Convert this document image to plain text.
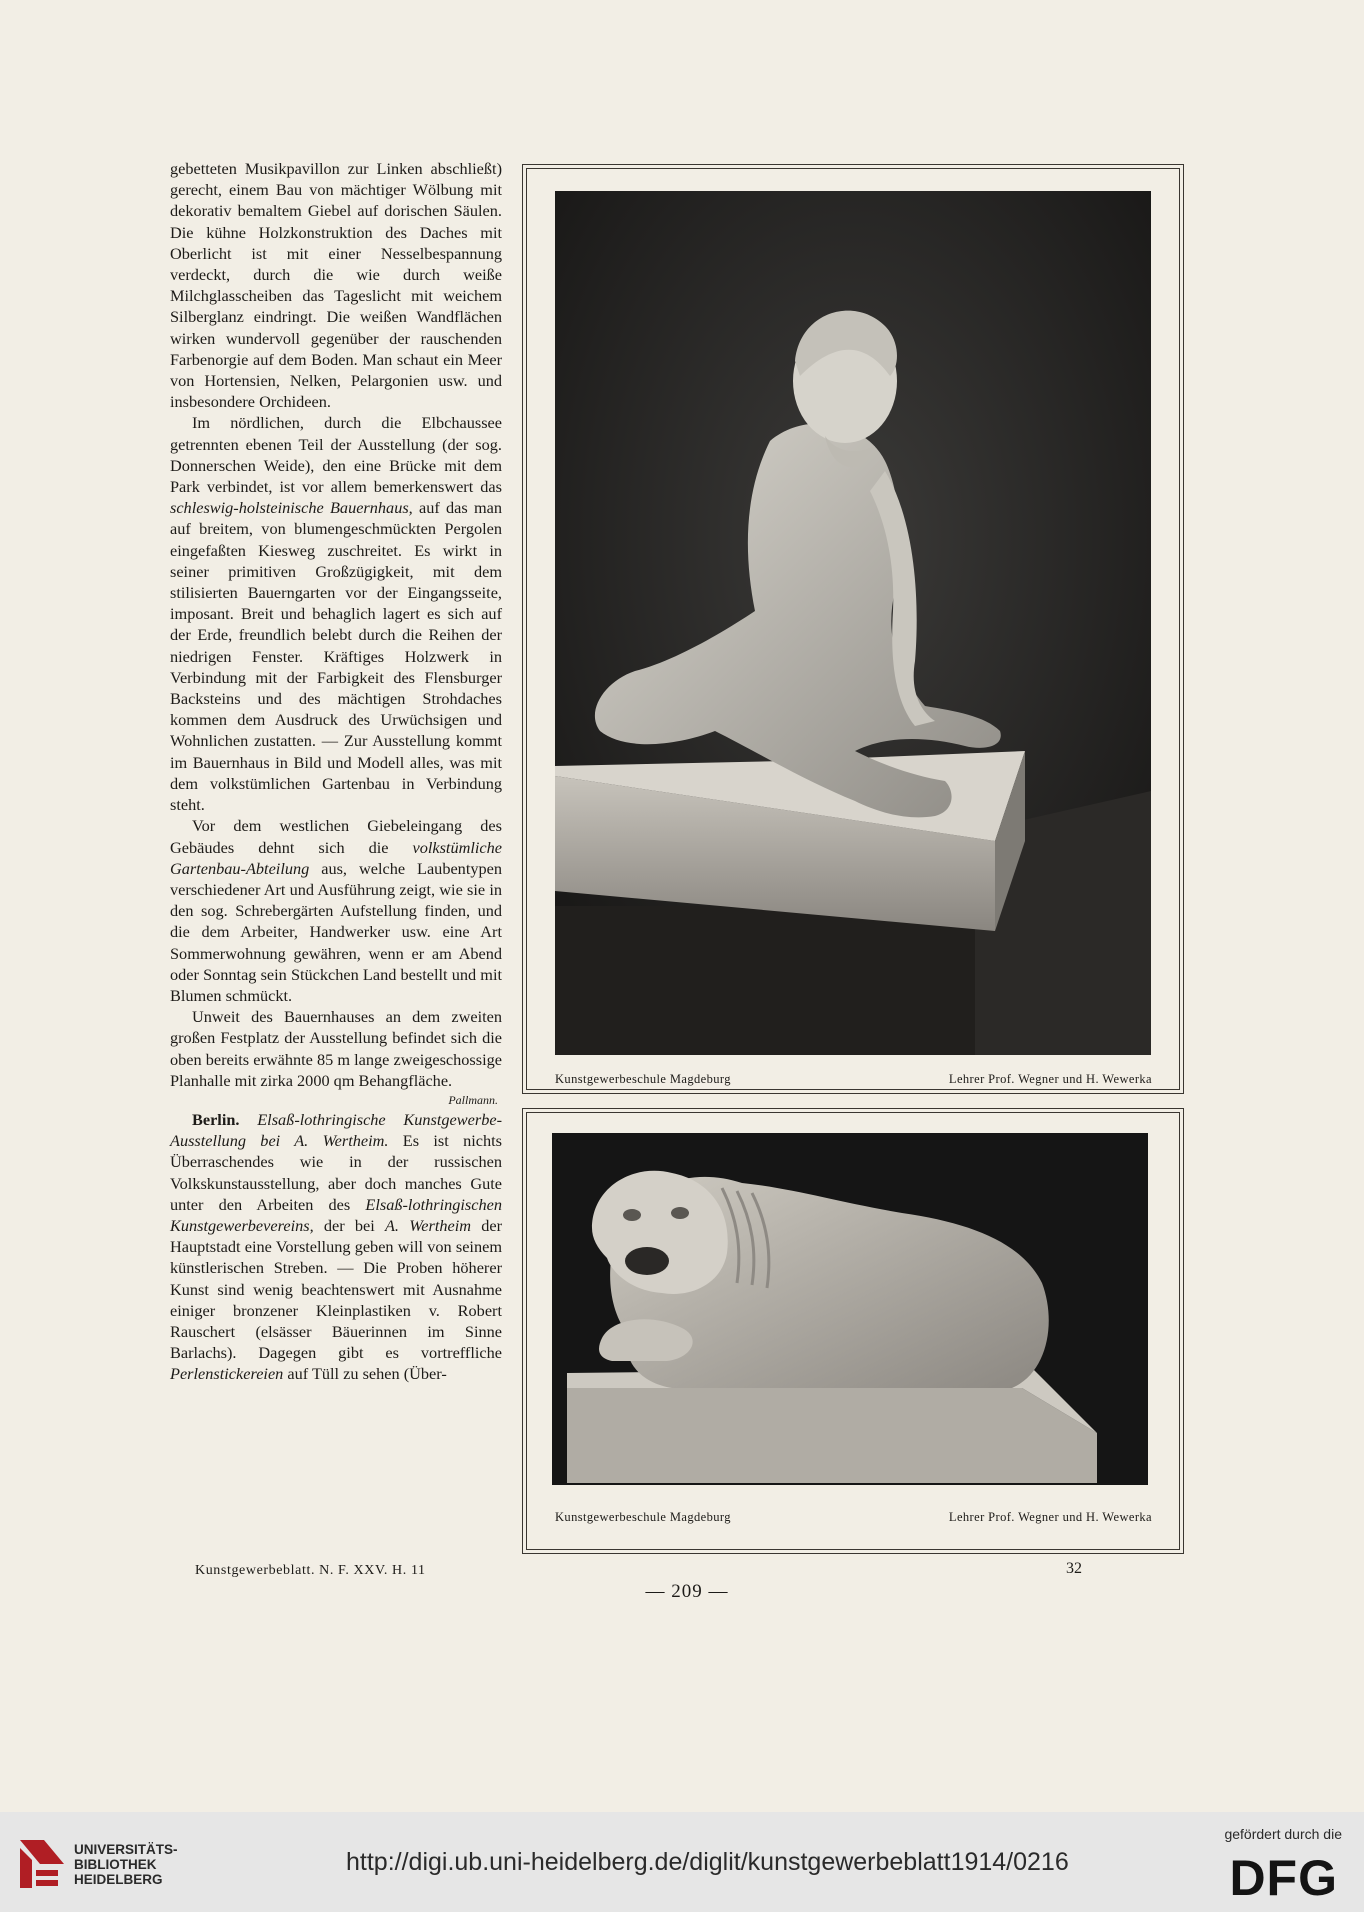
gebetteten Musikpavillon zur Linken abschließt) gerecht, einem Bau von mächtiger Wölbung mit dekorativ bemaltem Giebel auf dorischen Säulen. Die kühne Holzkonstruktion des Daches mit Oberlicht ist mit einer Nesselbespannung verdeckt, durch die wie durch weiße Milchglasscheiben das Tageslicht mit weichem Silberglanz eindringt. Die weißen Wandflächen wirken wundervoll gegenüber der rauschenden Farbenorgie auf dem Boden. Man schaut ein Meer von Hortensien, Nelken, Pelargonien usw. und insbesondere Orchideen.

Im nördlichen, durch die Elbchaussee getrennten ebenen Teil der Ausstellung (der sog. Donnerschen Weide), den eine Brücke mit dem Park verbindet, ist vor allem bemerkenswert das schleswig-holsteinische Bauernhaus, auf das man auf breitem, von blumengeschmückten Pergolen eingefaßten Kiesweg zuschreitet. Es wirkt in seiner primitiven Großzügigkeit, mit dem stilisierten Bauerngarten vor der Eingangsseite, imposant. Breit und behaglich lagert es sich auf der Erde, freundlich belebt durch die Reihen der niedrigen Fenster. Kräftiges Holzwerk in Verbindung mit der Farbigkeit des Flensburger Backsteins und des mächtigen Strohdaches kommen dem Ausdruck des Urwüchsigen und Wohnlichen zustatten. — Zur Ausstellung kommt im Bauernhaus in Bild und Modell alles, was mit dem volkstümlichen Gartenbau in Verbindung steht.

Vor dem westlichen Giebeleingang des Gebäudes dehnt sich die volkstümliche Gartenbau-Abteilung aus, welche Laubentypen verschiedener Art und Ausführung zeigt, wie sie in den sog. Schrebergärten Aufstellung finden, und die dem Arbeiter, Handwerker usw. eine Art Sommerwohnung gewähren, wenn er am Abend oder Sonntag sein Stückchen Land bestellt und mit Blumen schmückt.

Unweit des Bauernhauses an dem zweiten großen Festplatz der Ausstellung befindet sich die oben bereits erwähnte 85 m lange zweigeschossige Planhalle mit zirka 2000 qm Behangfläche.

Pallmann.

Berlin. Elsaß-lothringische Kunstgewerbe-Ausstellung bei A. Wertheim. Es ist nichts Überraschendes wie in der russischen Volkskunstausstellung, aber doch manches Gute unter den Arbeiten des Elsaß-lothringischen Kunstgewerbevereins, der bei A. Wertheim der Hauptstadt eine Vorstellung geben will von seinem künstlerischen Streben. — Die Proben höherer Kunst sind wenig beachtenswert mit Ausnahme einiger bronzener Kleinplastiken v. Robert Rauschert (elsässer Bäuerinnen im Sinne Barlachs). Dagegen gibt es vortreffliche Perlenstickereien auf Tüll zu sehen (Über-

Kunstgewerbeschule Magdeburg	Lehrer Prof. Wegner und H. Wewerka
Kunstgewerbeschule Magdeburg	Lehrer Prof. Wegner und H. Wewerka
Kunstgewerbeblatt. N. F. XXV. H. 11
— 209 —
32
UNIVERSITÄTS-
BIBLIOTHEK
HEIDELBERG
http://digi.ub.uni-heidelberg.de/diglit/kunstgewerbeblatt1914/0216
gefördert durch die
DFG
